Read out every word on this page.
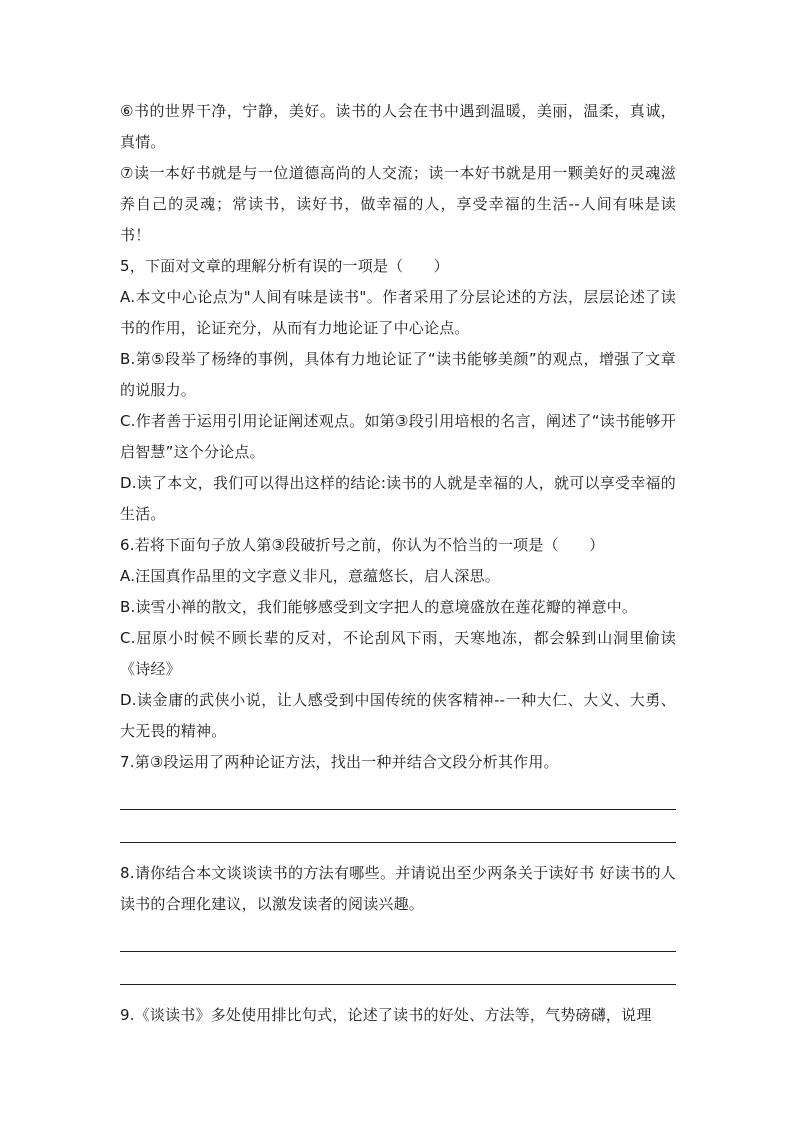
⑥书的世界干净，宁静，美好。读书的人会在书中遇到温暖，美丽，温柔，真诚，真情。

⑦读一本好书就是与一位道德高尚的人交流；读一本好书就是用一颗美好的灵魂滋养自己的灵魂；常读书，读好书，做幸福的人，享受幸福的生活--人间有味是读书！

5，下面对文章的理解分析有误的一项是（　　）

A.本文中心论点为"人间有味是读书"。作者采用了分层论述的方法，层层论述了读书的作用，论证充分，从而有力地论证了中心论点。

B.第⑤段举了杨绛的事例，具体有力地论证了“读书能够美颜”的观点，增强了文章的说服力。

C.作者善于运用引用论证阐述观点。如第③段引用培根的名言，阐述了“读书能够开启智慧”这个分论点。

D.读了本文，我们可以得出这样的结论:读书的人就是幸福的人，就可以享受幸福的生活。

6.若将下面句子放人第③段破折号之前，你认为不恰当的一项是（　　）

A.汪国真作品里的文字意义非凡，意蕴悠长，启人深思。

B.读雪小禅的散文，我们能够感受到文字把人的意境盛放在莲花瓣的禅意中。

C.屈原小时候不顾长辈的反对，不论刮风下雨，天寒地冻，都会躲到山洞里偷读《诗经》

D.读金庸的武侠小说，让人感受到中国传统的侠客精神--一种大仁、大义、大勇、大无畏的精神。

7.第③段运用了两种论证方法，找出一种并结合文段分析其作用。

8.请你结合本文谈谈读书的方法有哪些。并请说出至少两条关于读好书 好读书的人读书的合理化建议，以激发读者的阅读兴趣。

9.《谈读书》多处使用排比句式，论述了读书的好处、方法等，气势磅礴，说理
